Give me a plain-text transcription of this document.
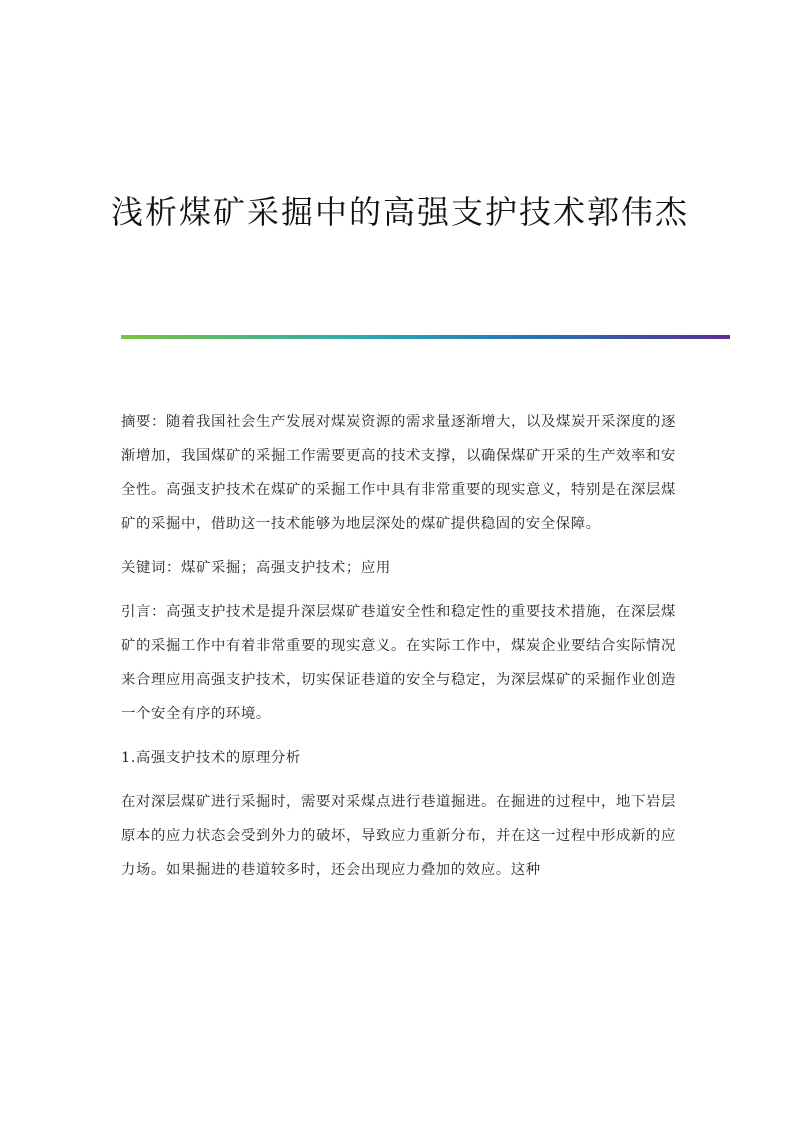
浅析煤矿采掘中的高强支护技术郭伟杰

摘要：随着我国社会生产发展对煤炭资源的需求量逐渐增大，以及煤炭开采深度的逐渐增加，我国煤矿的采掘工作需要更高的技术支撑，以确保煤矿开采的生产效率和安全性。高强支护技术在煤矿的采掘工作中具有非常重要的现实意义，特别是在深层煤矿的采掘中，借助这一技术能够为地层深处的煤矿提供稳固的安全保障。

关键词：煤矿采掘；高强支护技术；应用

引言：高强支护技术是提升深层煤矿巷道安全性和稳定性的重要技术措施，在深层煤矿的采掘工作中有着非常重要的现实意义。在实际工作中，煤炭企业要结合实际情况来合理应用高强支护技术，切实保证巷道的安全与稳定，为深层煤矿的采掘作业创造一个安全有序的环境。

1.高强支护技术的原理分析

在对深层煤矿进行采掘时，需要对采煤点进行巷道掘进。在掘进的过程中，地下岩层原本的应力状态会受到外力的破坏，导致应力重新分布，并在这一过程中形成新的应力场。如果掘进的巷道较多时，还会出现应力叠加的效应。这种
